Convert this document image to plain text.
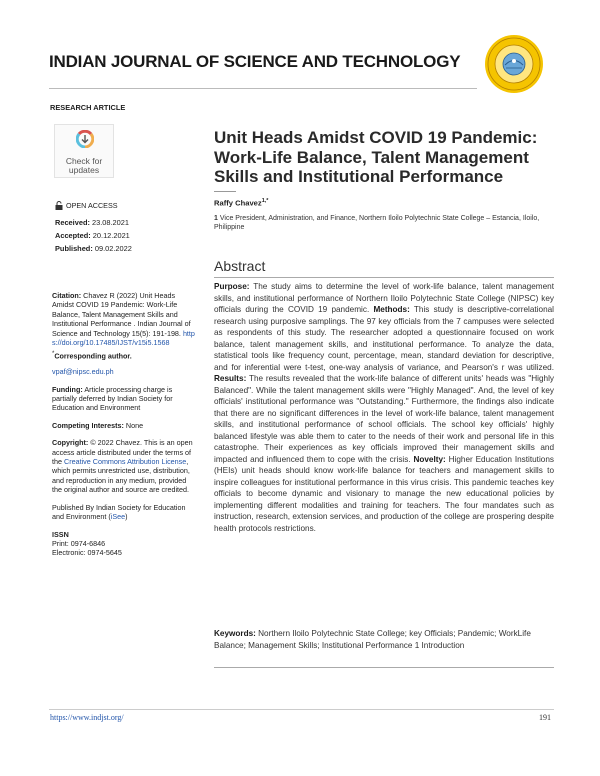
INDIAN JOURNAL OF SCIENCE AND TECHNOLOGY
RESEARCH ARTICLE
Check for updates
Unit Heads Amidst COVID 19 Pandemic: Work-Life Balance, Talent Management Skills and Institutional Performance
Raffy Chavez$^{1,*}$
1 Vice President, Administration, and Finance, Northern Iloilo Polytechnic State College – Estancia, Iloilo, Philippine
OPEN ACCESS
Received: 23.08.2021
Accepted: 20.12.2021
Published: 09.02.2022

Citation: Chavez R (2022) Unit Heads Amidst COVID 19 Pandemic: Work-Life Balance, Talent Management Skills and Institutional Performance . Indian Journal of Science and Technology 15(5): 191-198. https://doi.org/10.17485/IJST/v15i5.1568

*Corresponding author.

vpaf@nipsc.edu.ph

Funding: Article processing charge is partially deferred by Indian Society for Education and Environment

Competing Interests: None

Copyright: © 2022 Chavez. This is an open access article distributed under the terms of the Creative Commons Attribution License, which permits unrestricted use, distribution, and reproduction in any medium, provided the original author and source are credited.

Published By Indian Society for Education and Environment (iSee)

ISSN
Print: 0974-6846
Electronic: 0974-5645

Abstract
Purpose: The study aims to determine the level of work-life balance, talent management skills, and institutional performance of Northern Iloilo Polytechnic State College (NIPSC) key officials during the COVID 19 pandemic. Methods: This study is descriptive-correlational research using purposive samplings. The 97 key officials from the 7 campuses were selected as respondents of this study. The researcher adopted a questionnaire focused on work balance, talent management skills, and institutional performance. To analyze the data, statistical tools like frequency count, percentage, mean, standard deviation for descriptive, and for inferential were t-test, one-way analysis of variance, and Pearson's r was utilized. Results: The results revealed that the work-life balance of different units' heads was "Highly Balanced". While the talent management skills were "Highly Managed". And, the level of key officials' institutional performance was "Outstanding." Furthermore, the findings also indicate that there are no significant differences in the level of work-life balance, talent management skills, and institutional performance of school officials. The school key officials' highly balanced lifestyle was able them to cater to the needs of their work and personal life in this catastrophe. Their experiences as key officials improved their management skills and impacted and influenced them to cope with the crisis. Novelty: Higher Education Institutions (HEIs) unit heads should know work-life balance for teachers and management skills to inspire colleagues for institutional performance in this virus crisis. This pandemic teaches key officials to become dynamic and visionary to manage the new educational policies by implementing different modalities and training for teachers. The four mandates such as instruction, research, extension services, and production of the college are prospering despite health protocols restrictions.
Keywords: Northern Iloilo Polytechnic State College; key Officials; Pandemic; WorkLife Balance; Management Skills; Institutional Performance 1 Introduction
https://www.indjst.org/	191
